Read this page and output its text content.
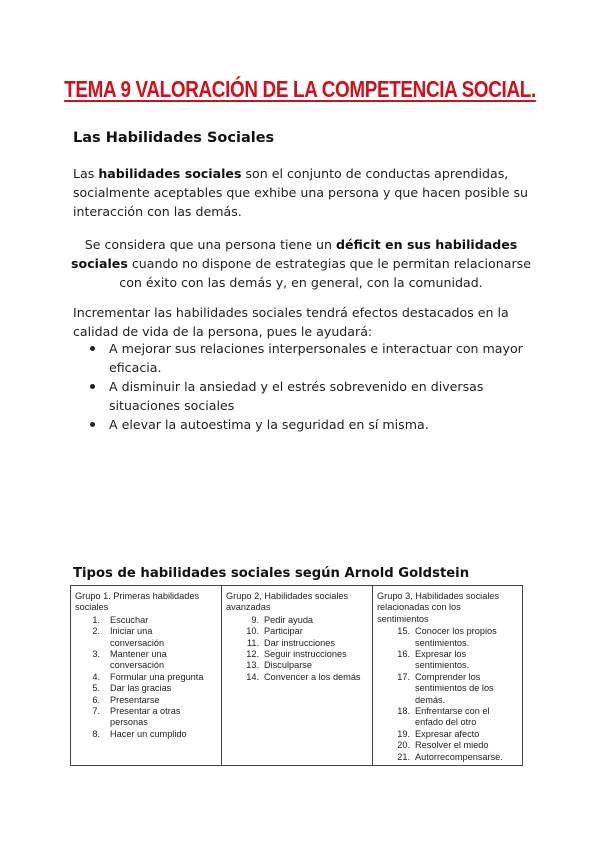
TEMA 9 VALORACIÓN DE LA COMPETENCIA SOCIAL.
Las Habilidades Sociales
Las habilidades sociales son el conjunto de conductas aprendidas, socialmente aceptables que exhibe una persona y que hacen posible su interacción con las demás.
Se considera que una persona tiene un déficit en sus habilidades sociales cuando no dispone de estrategias que le permitan relacionarse con éxito con las demás y, en general, con la comunidad.
Incrementar las habilidades sociales tendrá efectos destacados en la calidad de vida de la persona, pues le ayudará:
A mejorar sus relaciones interpersonales e interactuar con mayor eficacia.
A disminuir la ansiedad y el estrés sobrevenido en diversas situaciones sociales
A elevar la autoestima y la seguridad en sí misma.
Tipos de habilidades sociales según Arnold Goldstein
Grupo 1. Primeras habilidades sociales
1.	Escuchar
2.	Iniciar una conversación
3.	Mantener una conversación
4.	Formular una pregunta
5.	Dar las gracias
6.	Presentarse
7.	Presentar a otras personas
8.	Hacer un cumplido
Grupo 2, Habilidades sociales avanzadas
9. Pedir ayuda
10. Participar
11. Dar instrucciones
12. Seguir instrucciones
13. Disculparse
14. Convencer a los demás
Grupo 3, Habilidades sociales relacionadas con los sentimientos
15. Conocer los propios sentimientos.
16. Expresar los sentimientos.
17. Comprender los sentimientos de los demás.
18. Enfrentarse con el enfado del otro
19. Expresar afecto
20. Resolver el miedo
21. Autorrecompensarse.
